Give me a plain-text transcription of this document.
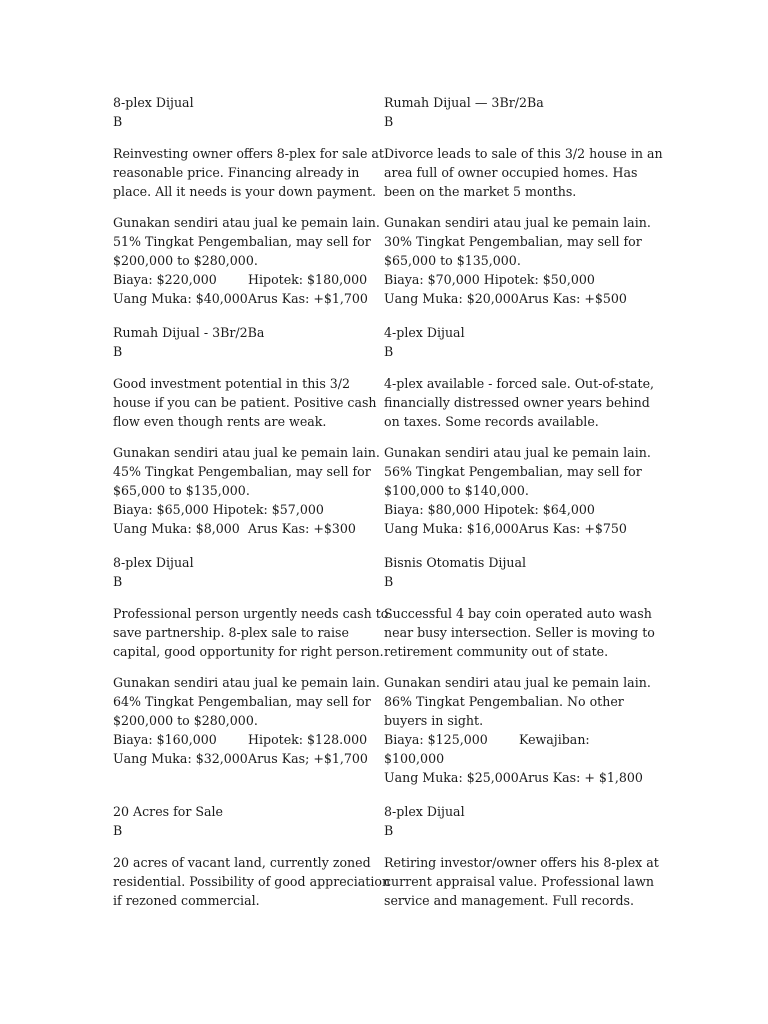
8-plex Dijual

B

Reinvesting owner offers 8-plex for sale at

reasonable price. Financing already in

place. All it needs is your down payment.

Gunakan sendiri atau jual ke pemain lain.

51% Tingkat Pengembalian, may sell for

$200,000 to $280,000.

Biaya: $220,000	Hipotek: $180,000

Uang Muka: $40,000 Arus Kas: +$1,700

Rumah Dijual — 3Br/2Ba

B

Divorce leads to sale of this 3/2 house in an

area full of owner occupied homes. Has

been on the market 5 months.

Gunakan sendiri atau jual ke pemain lain.

30% Tingkat Pengembalian, may sell for

$65,000 to $135,000.

Biaya: $70,000 Hipotek: $50,000

Uang Muka: $20,000 Arus Kas: +$500

Rumah Dijual - 3Br/2Ba

B

Good investment potential in this 3/2

house if you can be patient. Positive cash

flow even though rents are weak.

Gunakan sendiri atau jual ke pemain lain.

45% Tingkat Pengembalian, may sell for

$65,000 to $135,000.

Biaya: $65,000 Hipotek: $57,000

Uang Muka: $8,000 Arus Kas: +$300

4-plex Dijual

B

4-plex available - forced sale. Out-of-state,

financially distressed owner years behind

on taxes. Some records available.

Gunakan sendiri atau jual ke pemain lain.

56% Tingkat Pengembalian, may sell for

$100,000 to $140,000.

Biaya: $80,000 Hipotek: $64,000

Uang Muka: $16,000 Arus Kas: +$750

8-plex Dijual

B

Professional person urgently needs cash to

save partnership. 8-plex sale to raise

capital, good opportunity for right person.

Gunakan sendiri atau jual ke pemain lain.

64% Tingkat Pengembalian, may sell for

$200,000 to $280,000.

Biaya: $160,000	Hipotek: $128.000

Uang Muka: $32,000 Arus Kas; +$1,700

Bisnis Otomatis Dijual

B

Successful 4 bay coin operated auto wash

near busy intersection. Seller is moving to

retirement community out of state.

Gunakan sendiri atau jual ke pemain lain.

86% Tingkat Pengembalian. No other

buyers in sight.

Biaya: $125,000	Kewajiban:

$100,000

Uang Muka: $25,000 Arus Kas: + $1,800

20 Acres for Sale

B

20 acres of vacant land, currently zoned

residential. Possibility of good appreciation

if rezoned commercial.

8-plex Dijual

B

Retiring investor/owner offers his 8-plex at

current appraisal value. Professional lawn

service and management. Full records.
